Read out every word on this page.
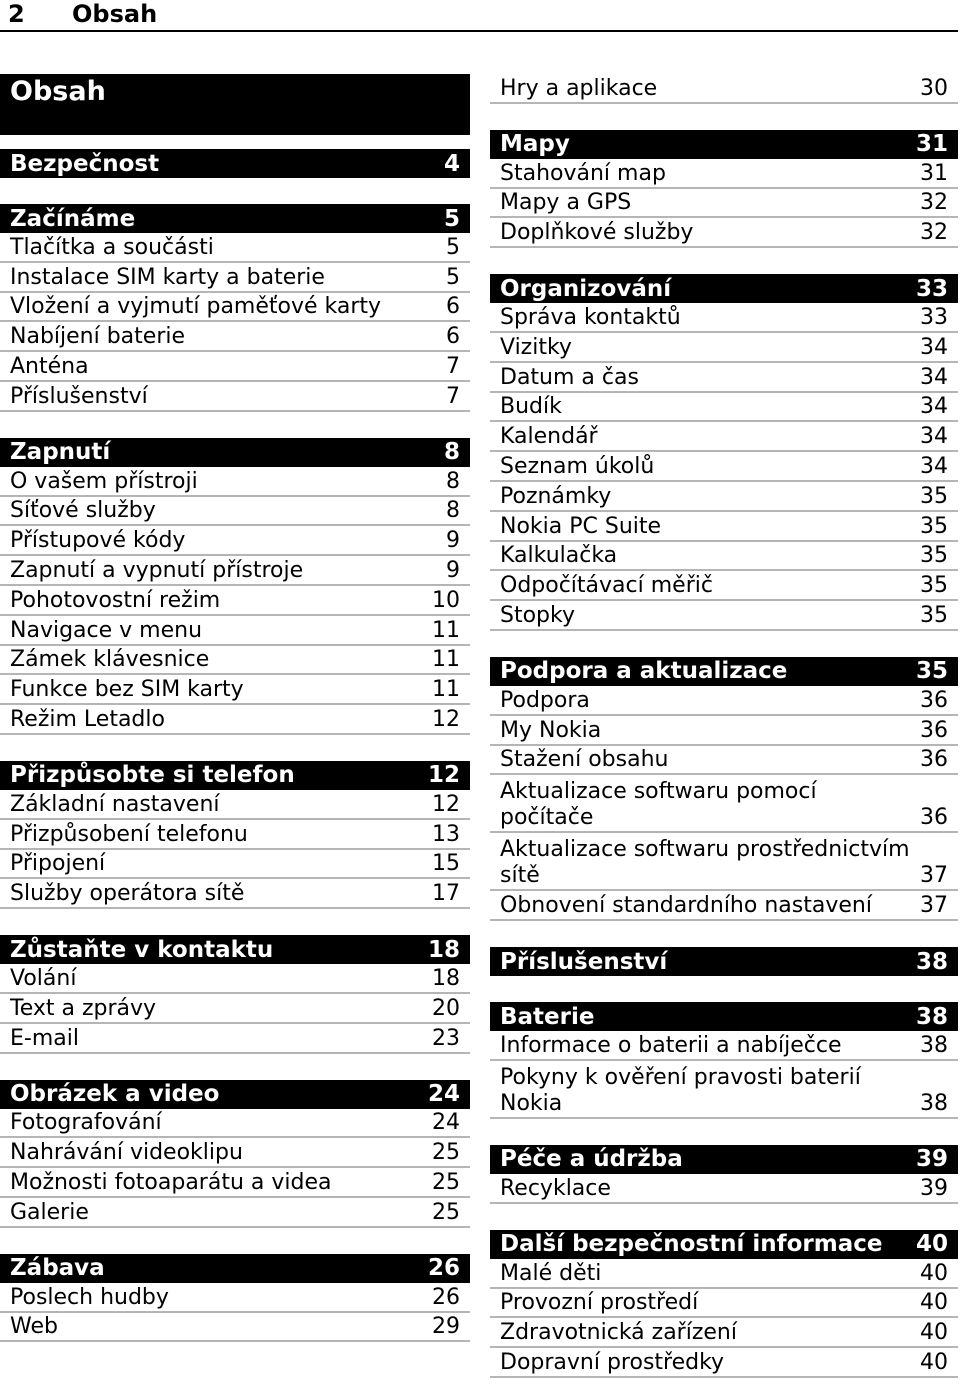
2 Obsah
Obsah
Bezpečnost	4
Začínáme	5
Tlačítka a součásti	5
Instalace SIM karty a baterie	5
Vložení a vyjmutí paměťové karty	6
Nabíjení baterie	6
Anténa	7
Příslušenství	7
Zapnutí	8
O vašem přístroji	8
Síťové služby	8
Přístupové kódy	9
Zapnutí a vypnutí přístroje	9
Pohotovostní režim	10
Navigace v menu	11
Zámek klávesnice	11
Funkce bez SIM karty	11
Režim Letadlo	12
Přizpůsobte si telefon	12
Základní nastavení	12
Přizpůsobení telefonu	13
Připojení	15
Služby operátora sítě	17
Zůstaňte v kontaktu	18
Volání	18
Text a zprávy	20
E-mail	23
Obrázek a video	24
Fotografování	24
Nahrávání videoklipu	25
Možnosti fotoaparátu a videa	25
Galerie	25
Zábava	26
Poslech hudby	26
Web	29
Hry a aplikace	30
Mapy	31
Stahování map	31
Mapy a GPS	32
Doplňkové služby	32
Organizování	33
Správa kontaktů	33
Vizitky	34
Datum a čas	34
Budík	34
Kalendář	34
Seznam úkolů	34
Poznámky	35
Nokia PC Suite	35
Kalkulačka	35
Odpočítávací měřič	35
Stopky	35
Podpora a aktualizace	35
Podpora	36
My Nokia	36
Stažení obsahu	36
Aktualizace softwaru pomocí
počítače	36
Aktualizace softwaru prostřednictvím
sítě	37
Obnovení standardního nastavení 37
Příslušenství	38
Baterie	38
Informace o baterii a nabíječce	38
Pokyny k ověření pravosti baterií
Nokia	38
Péče a údržba	39
Recyklace	39
Další bezpečnostní informace 40
Malé děti	40
Provozní prostředí	40
Zdravotnická zařízení	40
Dopravní prostředky	40
